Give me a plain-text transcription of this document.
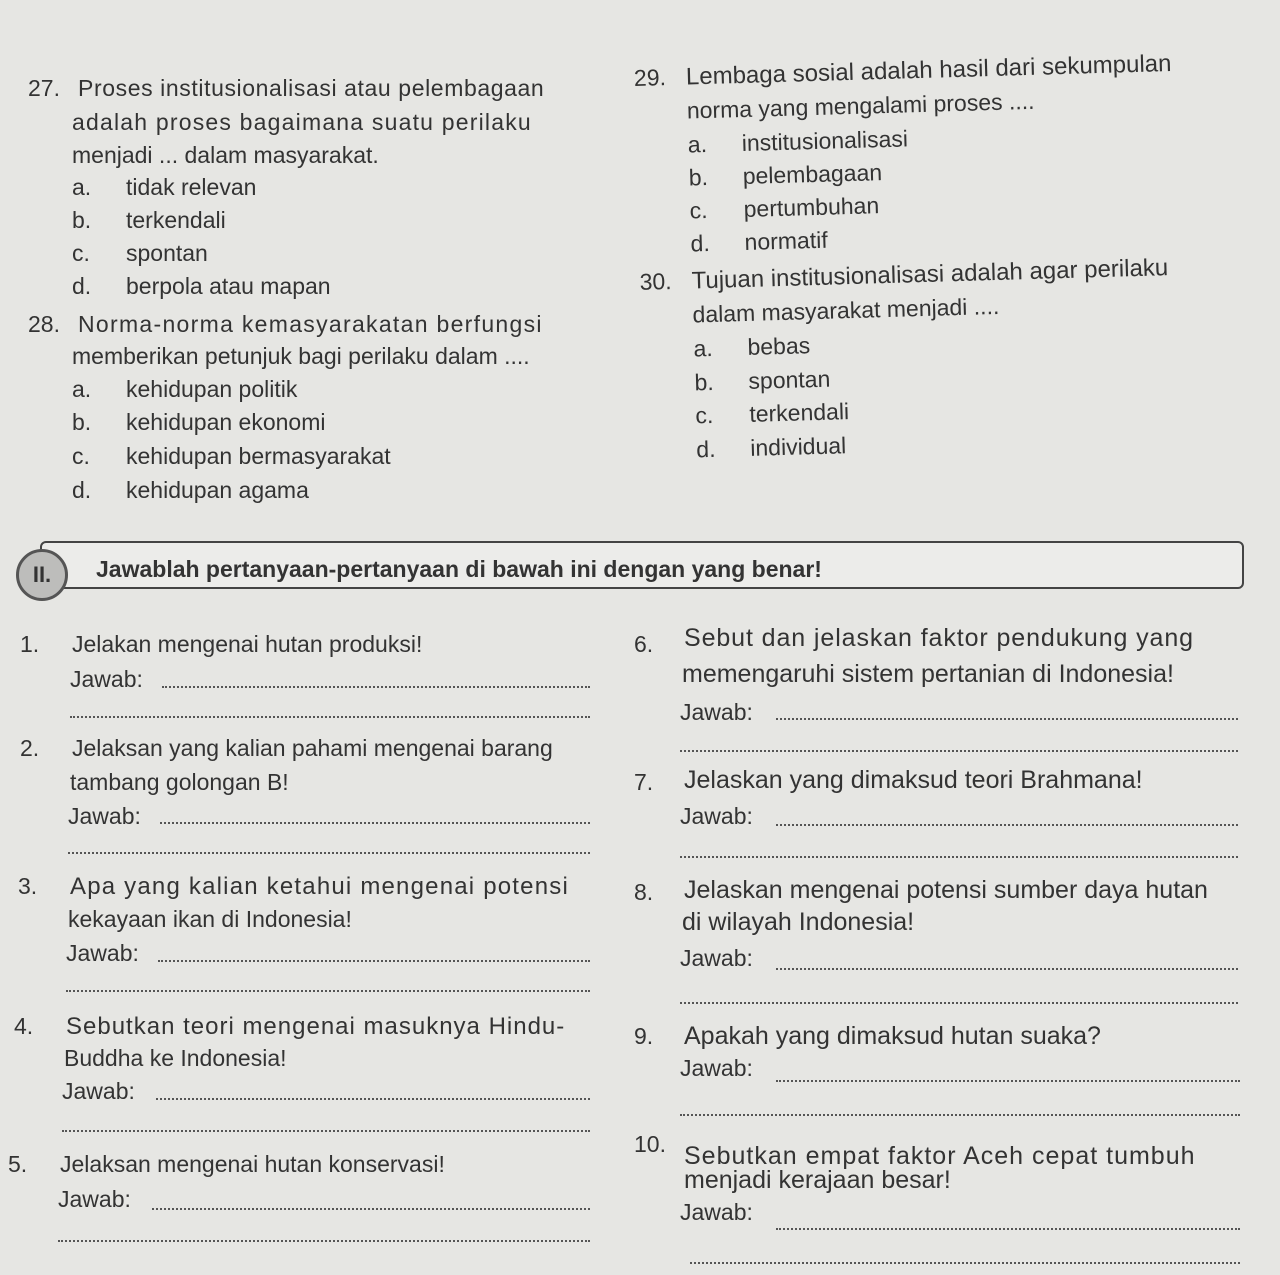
27. Proses institusionalisasi atau pelembagaan
adalah proses bagaimana suatu perilaku
menjadi ... dalam masyarakat.
a. tidak relevan
b. terkendali
c. spontan
d. berpola atau mapan
28. Norma-norma kemasyarakatan berfungsi
memberikan petunjuk bagi perilaku dalam ....
a. kehidupan politik
b. kehidupan ekonomi
c. kehidupan bermasyarakat
d. kehidupan agama
29. Lembaga sosial adalah hasil dari sekumpulan
norma yang mengalami proses ....
a. institusionalisasi
b. pelembagaan
c. pertumbuhan
d. normatif
30. Tujuan institusionalisasi adalah agar perilaku
dalam masyarakat menjadi ....
a. bebas
b. spontan
c. terkendali
d. individual
II.	Jawablah pertanyaan-pertanyaan di bawah ini dengan yang benar!
1. Jelakan mengenai hutan produksi!
Jawab:
2. Jelaksan yang kalian pahami mengenai barang
tambang golongan B!
Jawab:
3. Apa yang kalian ketahui mengenai potensi
kekayaan ikan di Indonesia!
Jawab:
4. Sebutkan teori mengenai masuknya Hindu-
Buddha ke Indonesia!
Jawab:
5. Jelaksan mengenai hutan konservasi!
Jawab:
6. Sebut dan jelaskan faktor pendukung yang
memengaruhi sistem pertanian di Indonesia!
Jawab:
7. Jelaskan yang dimaksud teori Brahmana!
Jawab:
8. Jelaskan mengenai potensi sumber daya hutan
di wilayah Indonesia!
Jawab:
9. Apakah yang dimaksud hutan suaka?
Jawab:
10. Sebutkan empat faktor Aceh cepat tumbuh
menjadi kerajaan besar!
Jawab:
